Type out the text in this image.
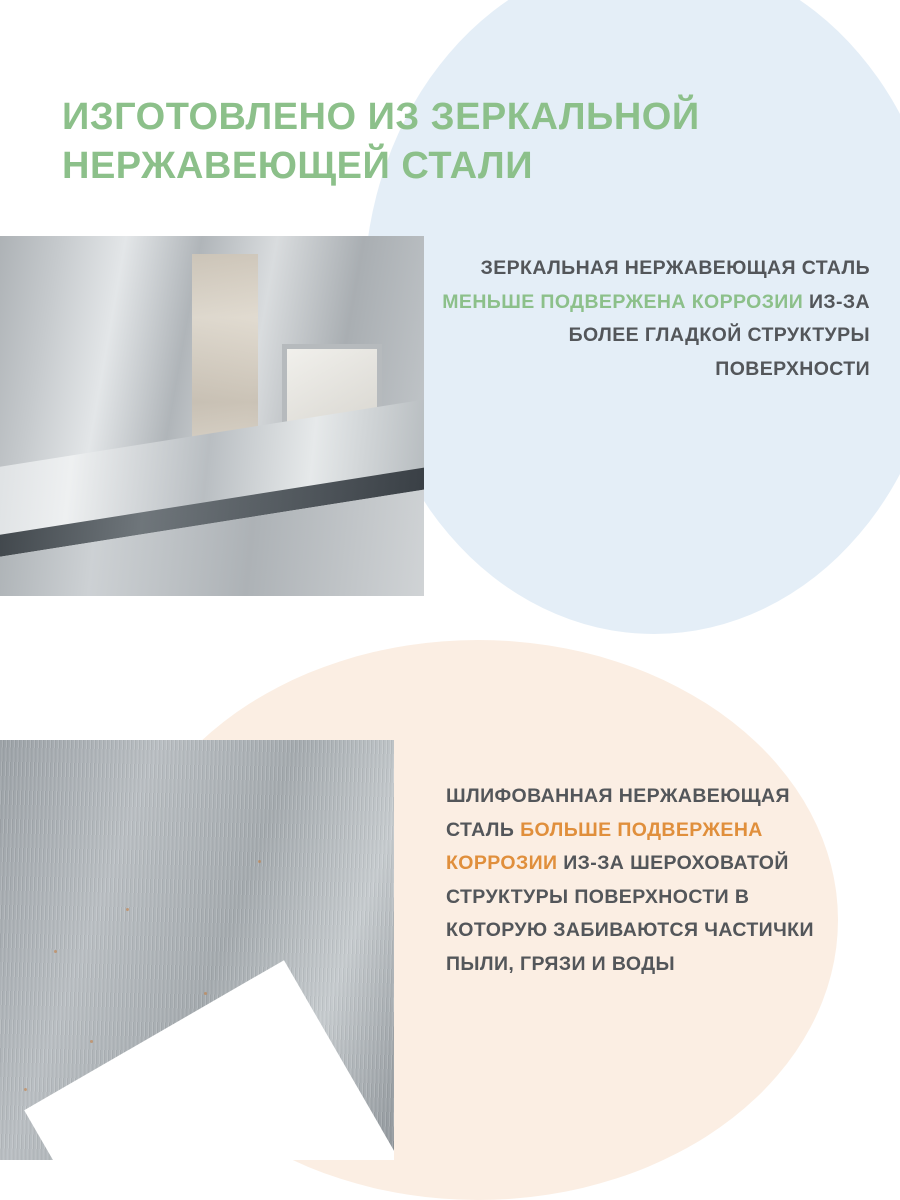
ИЗГОТОВЛЕНО ИЗ ЗЕРКАЛЬНОЙ
НЕРЖАВЕЮЩЕЙ СТАЛИ
ЗЕРКАЛЬНАЯ НЕРЖАВЕЮЩАЯ СТАЛЬ МЕНЬШЕ ПОДВЕРЖЕНА КОРРОЗИИ ИЗ-ЗА БОЛЕЕ ГЛАДКОЙ СТРУКТУРЫ ПОВЕРХНОСТИ
ШЛИФОВАННАЯ НЕРЖАВЕЮЩАЯ СТАЛЬ БОЛЬШЕ ПОДВЕРЖЕНА КОРРОЗИИ ИЗ-ЗА ШЕРОХОВАТОЙ СТРУКТУРЫ ПОВЕРХНОСТИ В КОТОРУЮ ЗАБИВАЮТСЯ ЧАСТИЧКИ ПЫЛИ, ГРЯЗИ И ВОДЫ
